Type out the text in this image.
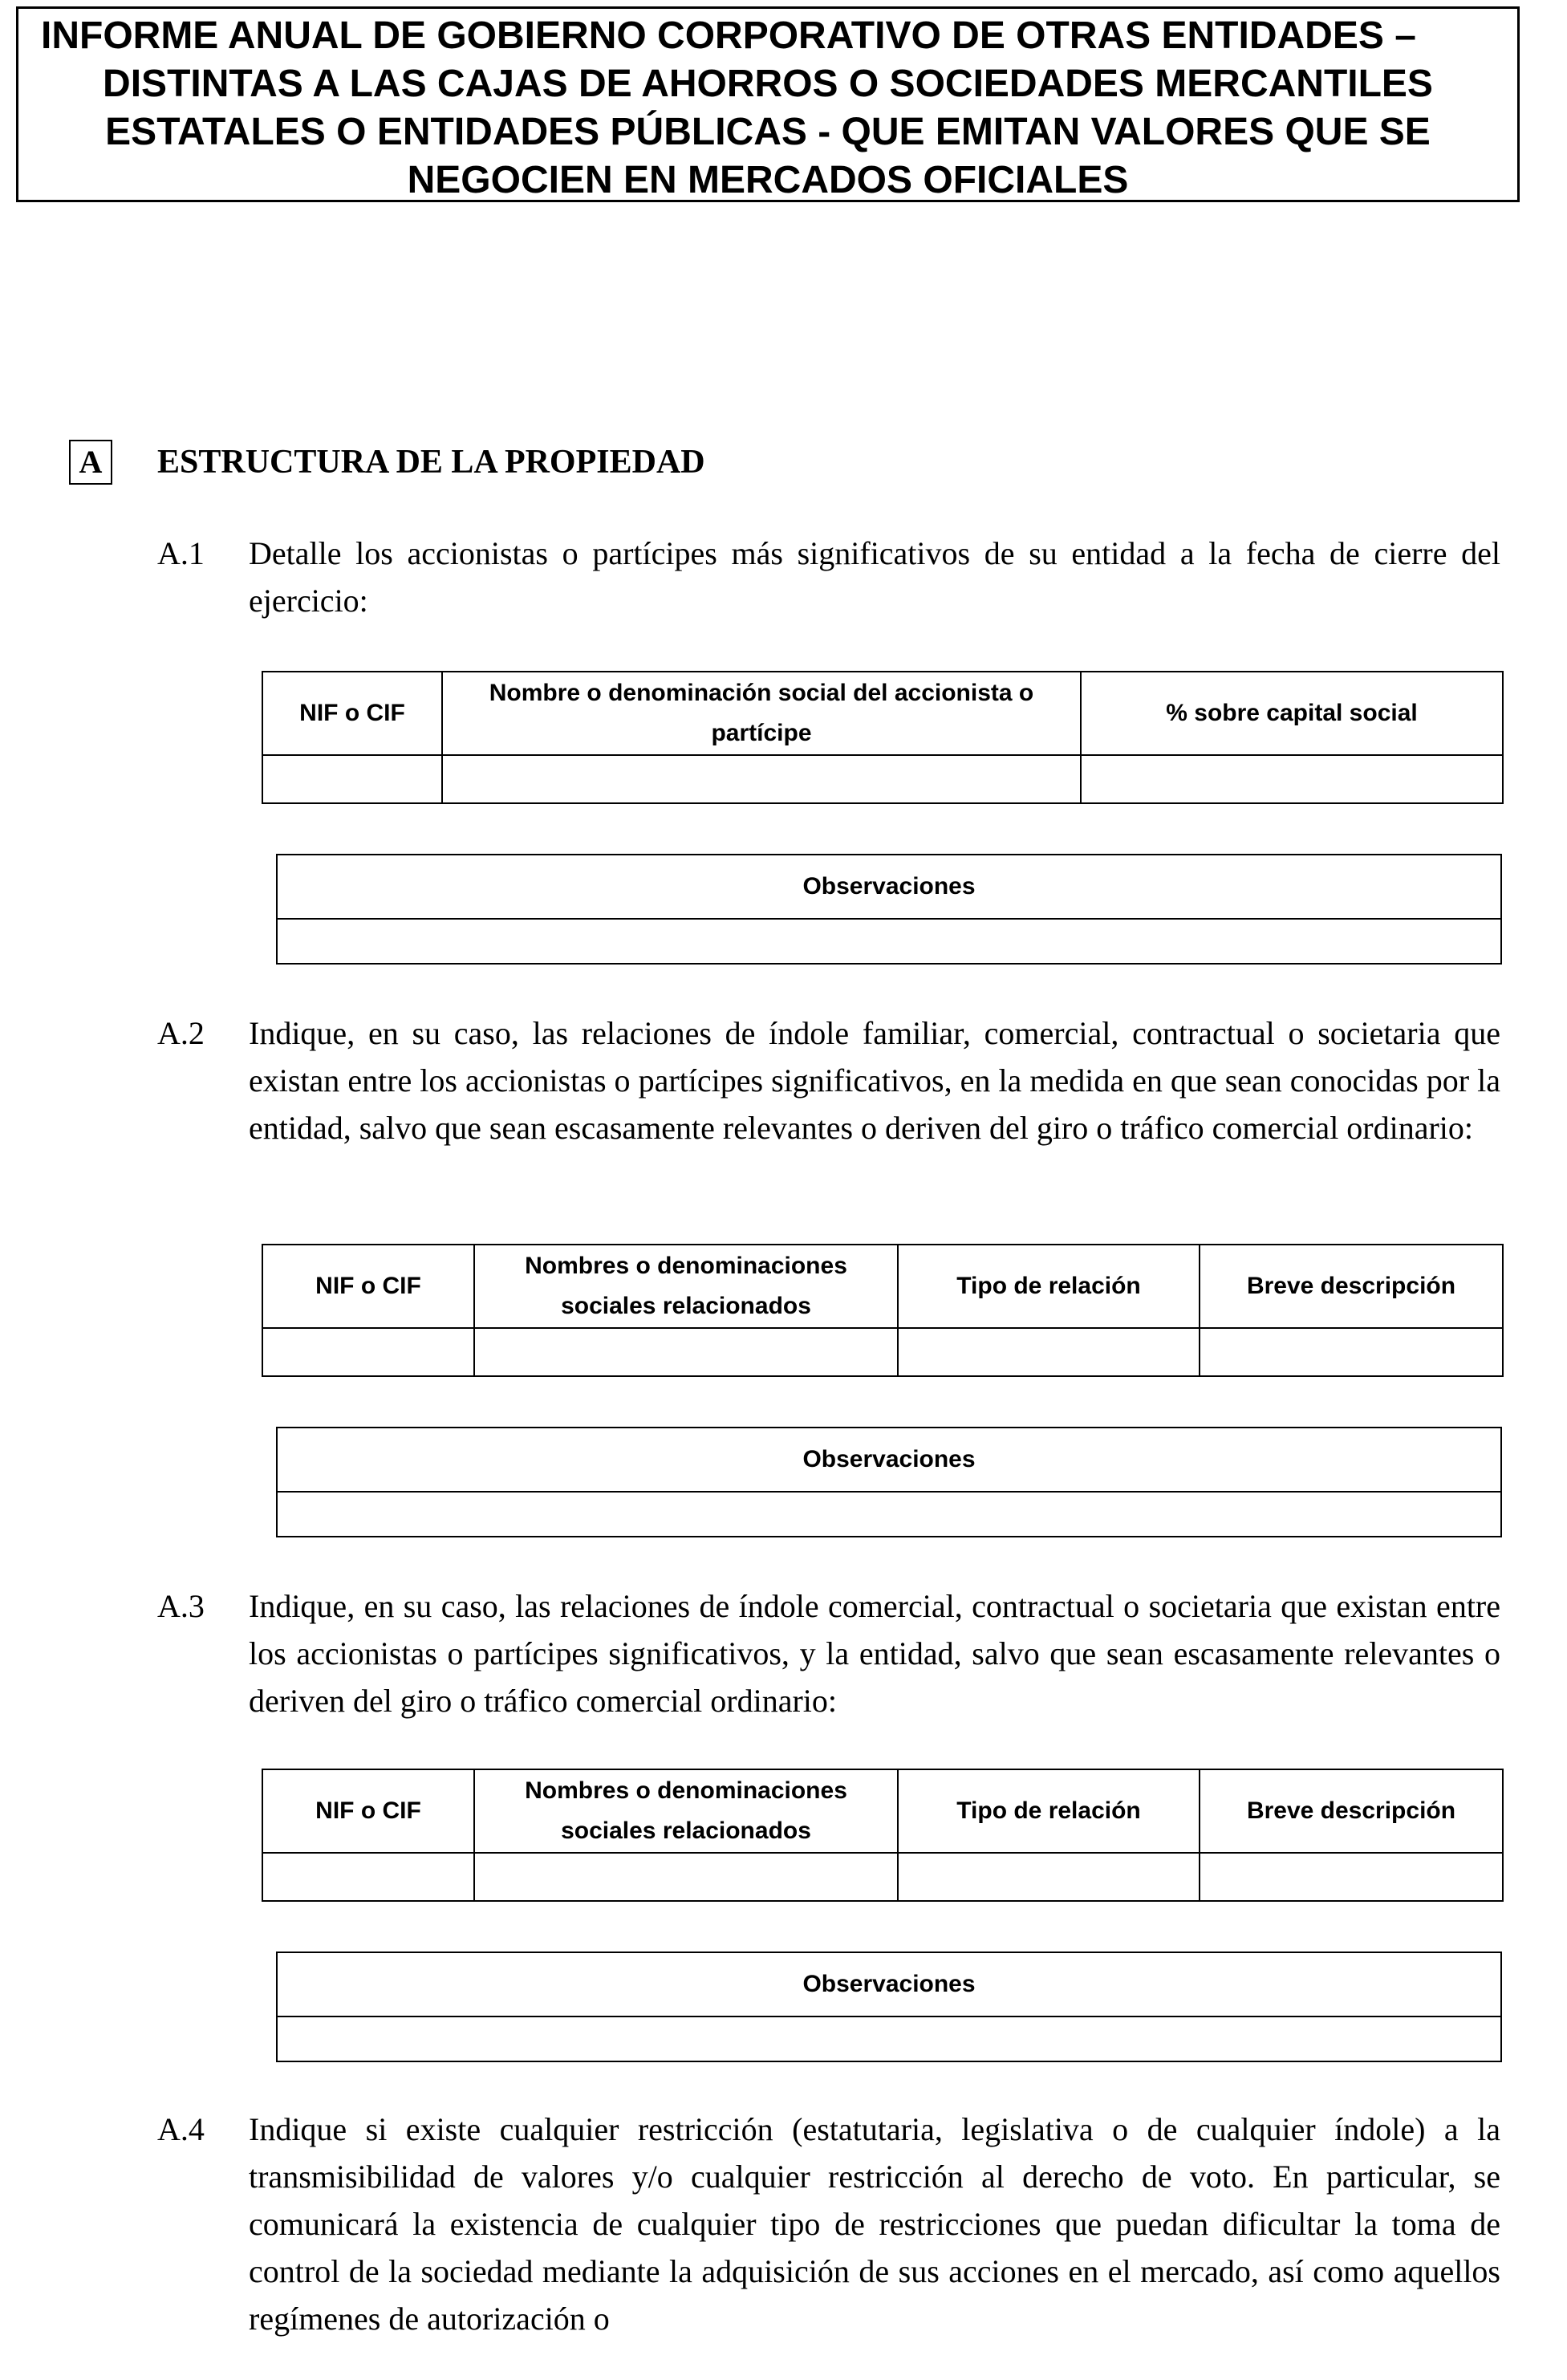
INFORME ANUAL DE GOBIERNO CORPORATIVO DE OTRAS ENTIDADES –
DISTINTAS A LAS CAJAS DE AHORROS O SOCIEDADES MERCANTILES
ESTATALES O ENTIDADES PÚBLICAS - QUE EMITAN VALORES QUE SE
NEGOCIEN EN MERCADOS OFICIALES
A ESTRUCTURA DE LA PROPIEDAD
A.1 Detalle los accionistas o partícipes más significativos de su entidad a la fecha de cierre del ejercicio:
NIF o CIF	Nombre o denominación social del accionista o partícipe	% sobre capital social

Observaciones

A.2 Indique, en su caso, las relaciones de índole familiar, comercial, contractual o societaria que existan entre los accionistas o partícipes significativos, en la medida en que sean conocidas por la entidad, salvo que sean escasamente relevantes o deriven del giro o tráfico comercial ordinario:
NIF o CIF	Nombres o denominaciones sociales relacionados	Tipo de relación	Breve descripción

Observaciones

A.3 Indique, en su caso, las relaciones de índole comercial, contractual o societaria que existan entre los accionistas o partícipes significativos, y la entidad, salvo que sean escasamente relevantes o deriven del giro o tráfico comercial ordinario:
NIF o CIF	Nombres o denominaciones sociales relacionados	Tipo de relación	Breve descripción

Observaciones

A.4 Indique si existe cualquier restricción (estatutaria, legislativa o de cualquier índole) a la transmisibilidad de valores y/o cualquier restricción al derecho de voto. En particular, se comunicará la existencia de cualquier tipo de restricciones que puedan dificultar la toma de control de la sociedad mediante la adquisición de sus acciones en el mercado, así como aquellos regímenes de autorización o
